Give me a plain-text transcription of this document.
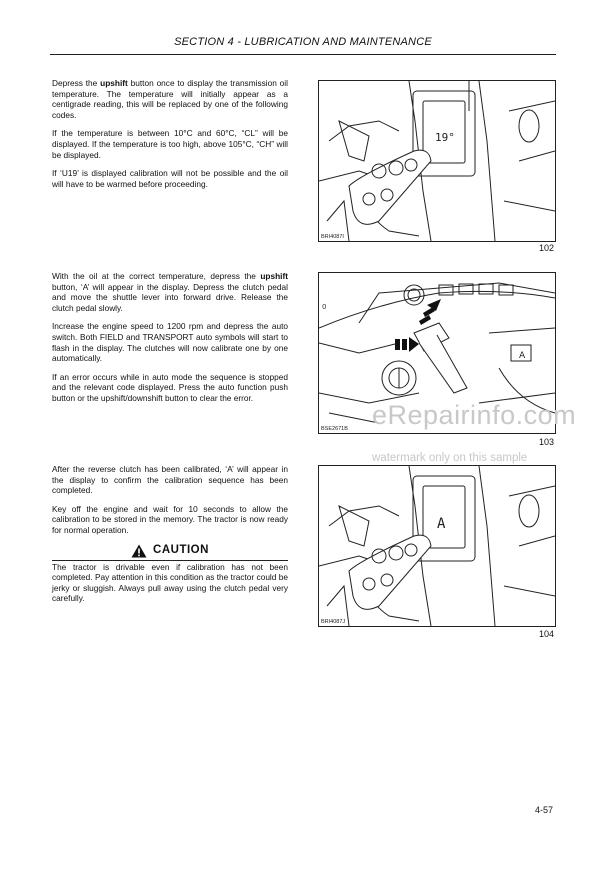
SECTION 4 - LUBRICATION AND MAINTENANCE

Depress the upshift button once to display the transmission oil temperature. The temperature will initially appear as a centigrade reading, this will be replaced by one of the following codes.

If the temperature is between 10°C and 60°C, “CL” will be displayed. If the temperature is too high, above 105°C, “CH” will be displayed.

If ‘U19’ is displayed calibration will not be possible and the oil will have to be warmed before proceeding.

19°
BRI4087I
102

With the oil at the correct temperature, depress the upshift button, ‘A’ will appear in the display. Depress the clutch pedal and move the shuttle lever into forward drive. Release the clutch pedal slowly.

Increase the engine speed to 1200 rpm and depress the auto switch. Both FIELD and TRANSPORT auto symbols will start to flash in the display. The clutches will now calibrate one by one automatically.

If an error occurs while in auto mode the sequence is stopped and the relevant code displayed. Press the auto function push button or the upshift/downshift button to clear the error.

A
0
BSE2671B
103

After the reverse clutch has been calibrated, ‘A’ will appear in the display to confirm the calibration sequence has been completed.

Key off the engine and wait for 10 seconds to allow the calibration to be stored in the memory. The tractor is now ready for normal operation.

CAUTION

The tractor is drivable even if calibration has not been completed. Pay attention in this condition as the tractor could be jerky or sluggish. Always pull away using the clutch pedal very carefully.

A
BRI4087J
104
eRepairinfo.com
watermark only on this sample
4-57
